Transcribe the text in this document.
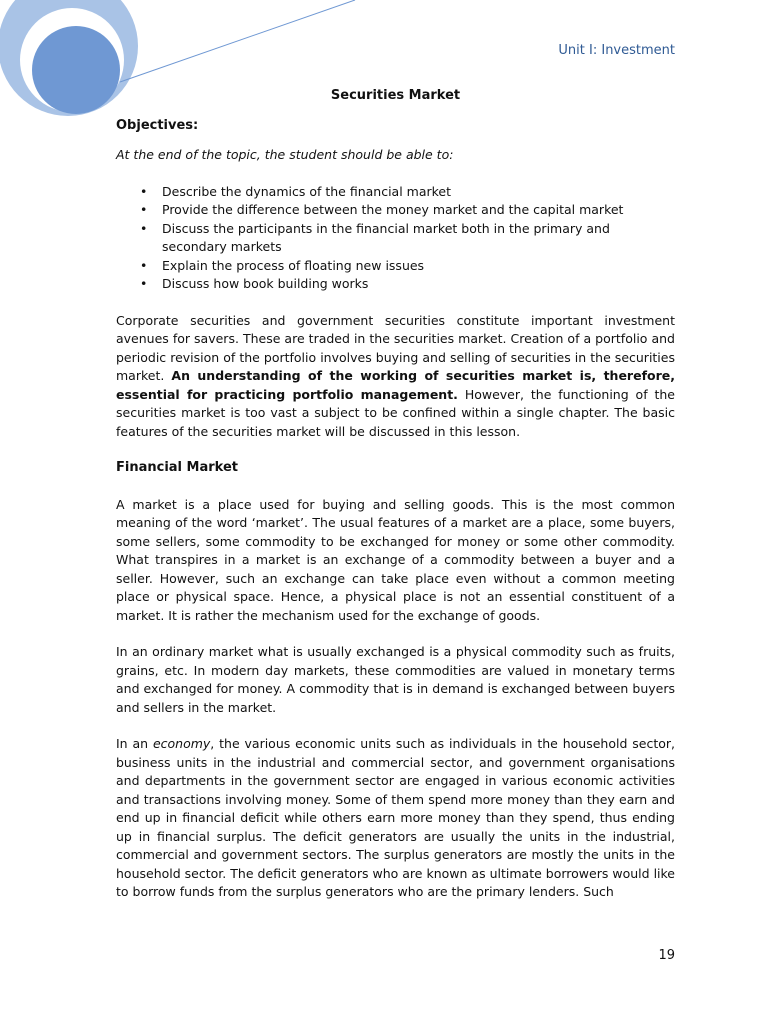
Unit I: Investment
Securities Market
Objectives:
At the end of the topic, the student should be able to:
• Describe the dynamics of the financial market
• Provide the difference between the money market and the capital market
• Discuss the participants in the financial market both in the primary and secondary markets
• Explain the process of floating new issues
• Discuss how book building works

Corporate securities and government securities constitute important investment avenues for savers. These are traded in the securities market. Creation of a portfolio and periodic revision of the portfolio involves buying and selling of securities in the securities market. An understanding of the working of securities market is, therefore, essential for practicing portfolio management. However, the functioning of the securities market is too vast a subject to be confined within a single chapter. The basic features of the securities market will be discussed in this lesson.

Financial Market

A market is a place used for buying and selling goods. This is the most common meaning of the word ‘market’. The usual features of a market are a place, some buyers, some sellers, some commodity to be exchanged for money or some other commodity. What transpires in a market is an exchange of a commodity between a buyer and a seller. However, such an exchange can take place even without a common meeting place or physical space. Hence, a physical place is not an essential constituent of a market. It is rather the mechanism used for the exchange of goods.

In an ordinary market what is usually exchanged is a physical commodity such as fruits, grains, etc. In modern day markets, these commodities are valued in monetary terms and exchanged for money. A commodity that is in demand is exchanged between buyers and sellers in the market.

In an economy, the various economic units such as individuals in the household sector, business units in the industrial and commercial sector, and government organisations and departments in the government sector are engaged in various economic activities and transactions involving money. Some of them spend more money than they earn and end up in financial deficit while others earn more money than they spend, thus ending up in financial surplus. The deficit generators are usually the units in the industrial, commercial and government sectors. The surplus generators are mostly the units in the household sector. The deficit generators who are known as ultimate borrowers would like to borrow funds from the surplus generators who are the primary lenders. Such

19
